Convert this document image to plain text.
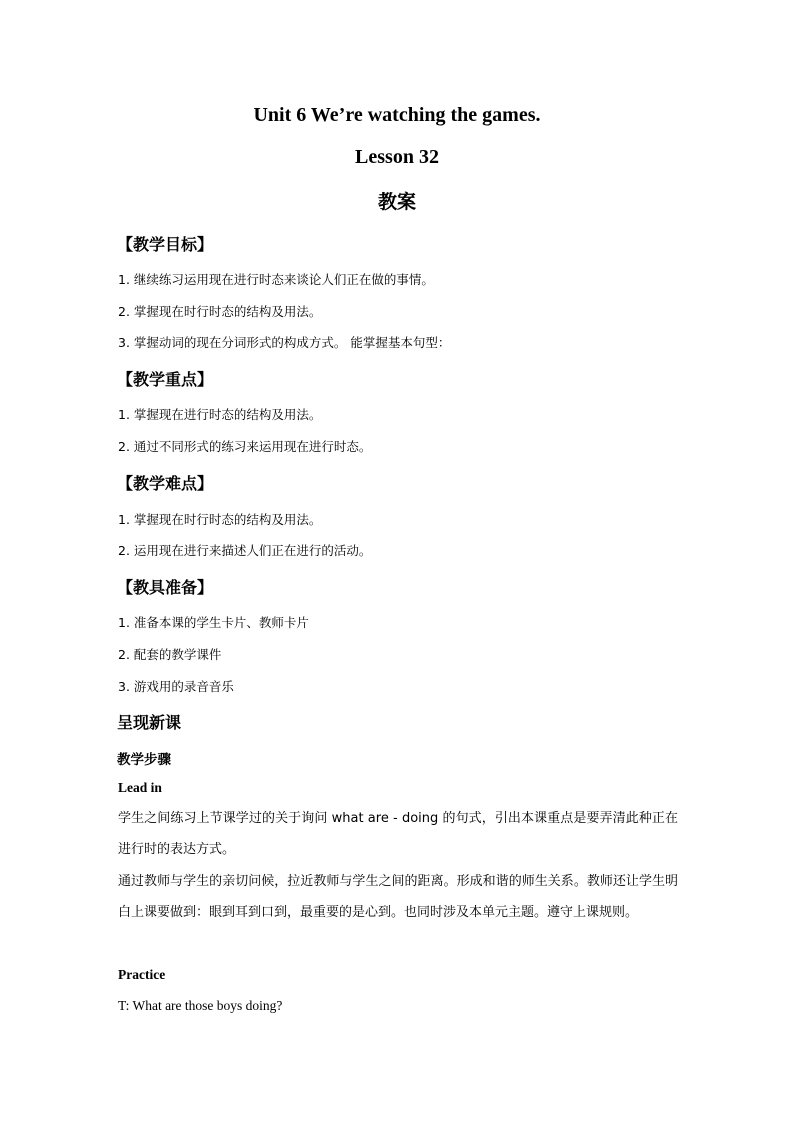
Unit 6 We’re watching the games.
Lesson 32
教案
【教学目标】
1. 继续练习运用现在进行时态来谈论人们正在做的事情。
2. 掌握现在时行时态的结构及用法。
3. 掌握动词的现在分词形式的构成方式。 能掌握基本句型：
【教学重点】
1. 掌握现在进行时态的结构及用法。
2. 通过不同形式的练习来运用现在进行时态。
【教学难点】
1. 掌握现在时行时态的结构及用法。
2. 运用现在进行来描述人们正在进行的活动。
【教具准备】
1. 准备本课的学生卡片、教师卡片
2. 配套的教学课件
3. 游戏用的录音音乐
呈现新课
教学步骤
Lead in
学生之间练习上节课学过的关于询问 what are - doing 的句式，引出本课重点是要弄清此种正在进行时的表达方式。
通过教师与学生的亲切问候，拉近教师与学生之间的距离。形成和谐的师生关系。教师还让学生明白上课要做到：眼到耳到口到，最重要的是心到。也同时涉及本单元主题。遵守上课规则。
Practice
T: What are those boys doing?
